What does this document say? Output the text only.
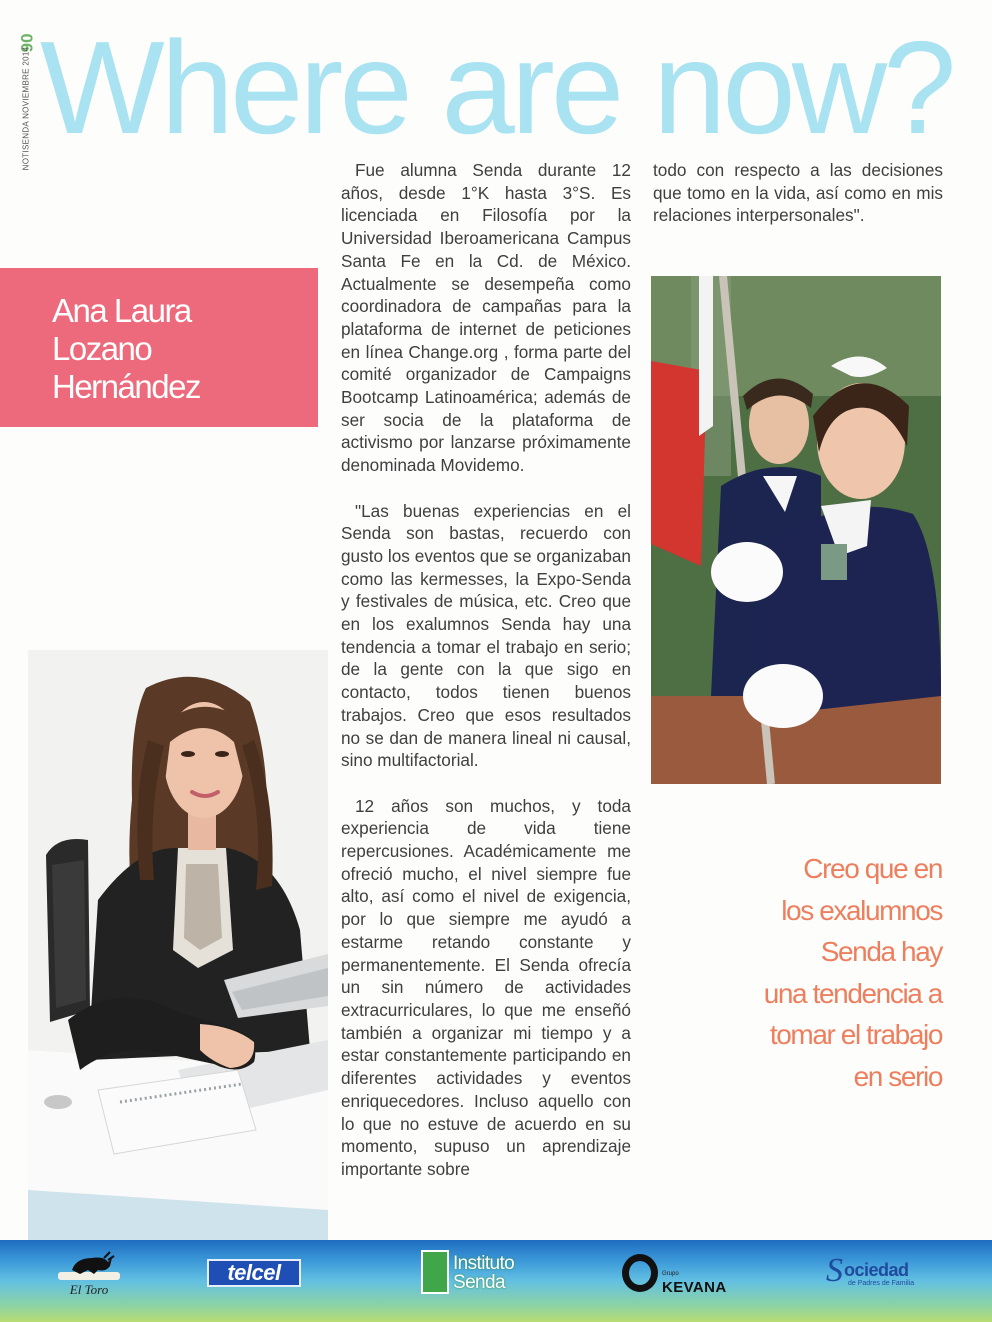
06
NOTISENDA NOVIEMBRE 2014 Where are now?
Ana Laura
Lozano
Hernández

Fue alumna Senda durante 12 años, desde 1°K hasta 3°S. Es licenciada en Filosofía por la Universidad Iberoamericana Campus Santa Fe en la Cd. de México. Actualmente se desempeña como coordinadora de campañas para la plataforma de internet de peticiones en línea Change.org , forma parte del comité organizador de Campaigns Bootcamp Latinoamérica; además de ser socia de la plataforma de activismo por lanzarse próximamente denominada Movidemo.

"Las buenas experiencias en el Senda son bastas, recuerdo con gusto los eventos que se organizaban como las kermesses, la Expo-Senda y festivales de música, etc. Creo que en los exalumnos Senda hay una tendencia a tomar el trabajo en serio; de la gente con la que sigo en contacto, todos tienen buenos trabajos. Creo que esos resultados no se dan de manera lineal ni causal, sino multifactorial.

12 años son muchos, y toda experiencia de vida tiene repercusiones. Académicamente me ofreció mucho, el nivel siempre fue alto, así como el nivel de exigencia, por lo que siempre me ayudó a estarme retando constante y permanentemente. El Senda ofrecía un sin número de actividades extracurriculares, lo que me enseñó también a organizar mi tiempo y a estar constantemente participando en diferentes actividades y eventos enriquecedores. Incluso aquello con lo que no estuve de acuerdo en su momento, supuso un aprendizaje importante sobre

todo con respecto a las decisiones que tomo en la vida, así como en mis relaciones interpersonales".

Creo que en
los exalumnos
Senda hay
una tendencia a
tomar el trabajo
en serio
El Toro
telcel	Instituto
Senda	Grupo
KEVANA	S ociedad
de Padres de Familia
